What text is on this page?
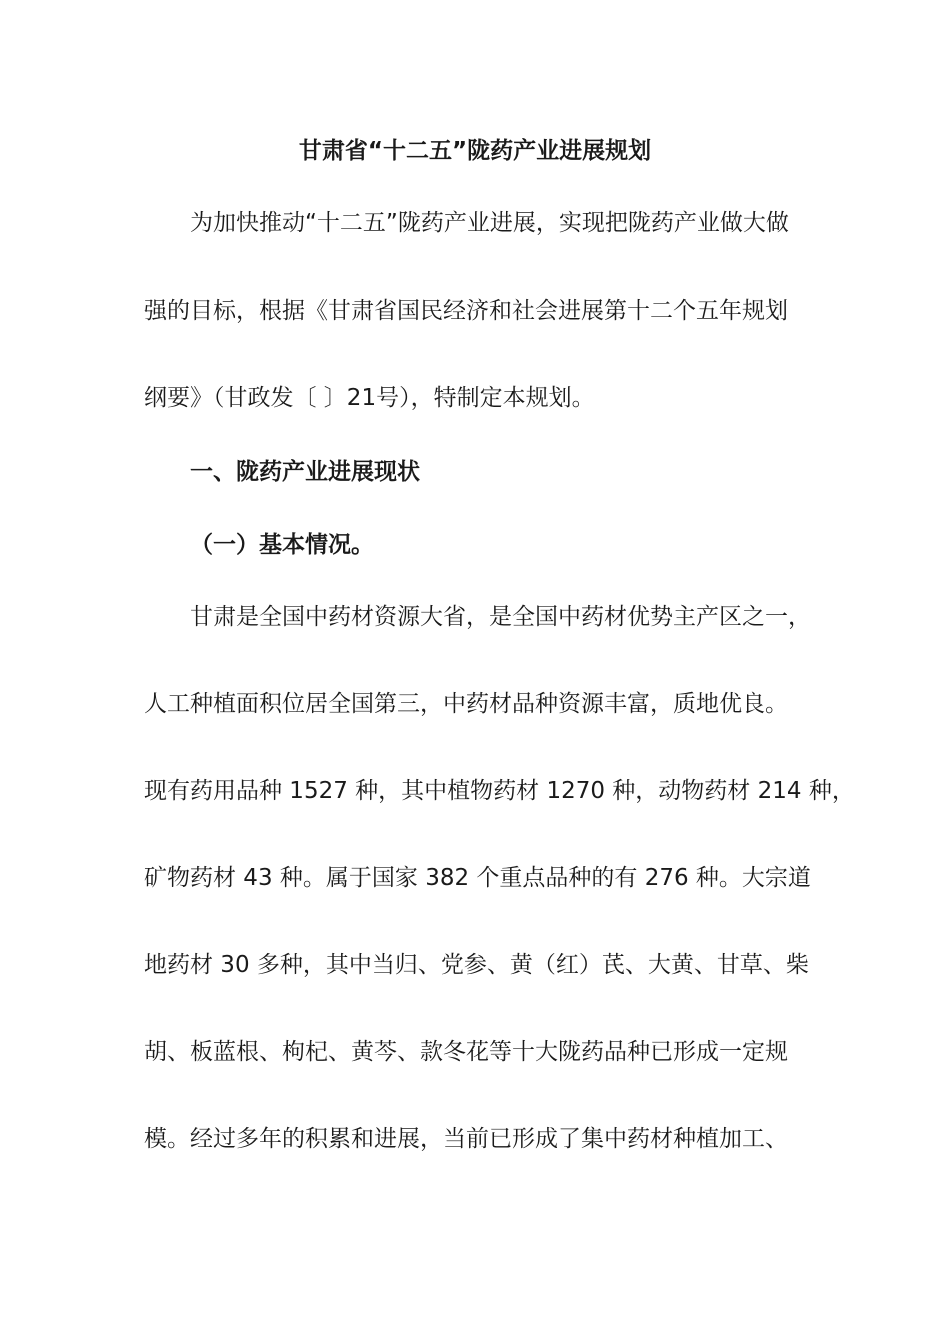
甘肃省“十二五”陇药产业进展规划
为加快推动“十二五”陇药产业进展，实现把陇药产业做大做
强的目标，根据《甘肃省国民经济和社会进展第十二个五年规划
纲要》（甘政发〔 〕21号），特制定本规划。
一、陇药产业进展现状
（一）基本情况。
甘肃是全国中药材资源大省，是全国中药材优势主产区之一，
人工种植面积位居全国第三，中药材品种资源丰富，质地优良。
现有药用品种 1527 种，其中植物药材 1270 种，动物药材 214 种，
矿物药材 43 种。属于国家 382 个重点品种的有 276 种。大宗道
地药材 30 多种，其中当归、党参、黄（红）芪、大黄、甘草、柴
胡、板蓝根、枸杞、黄芩、款冬花等十大陇药品种已形成一定规
模。经过多年的积累和进展，当前已形成了集中药材种植加工、
